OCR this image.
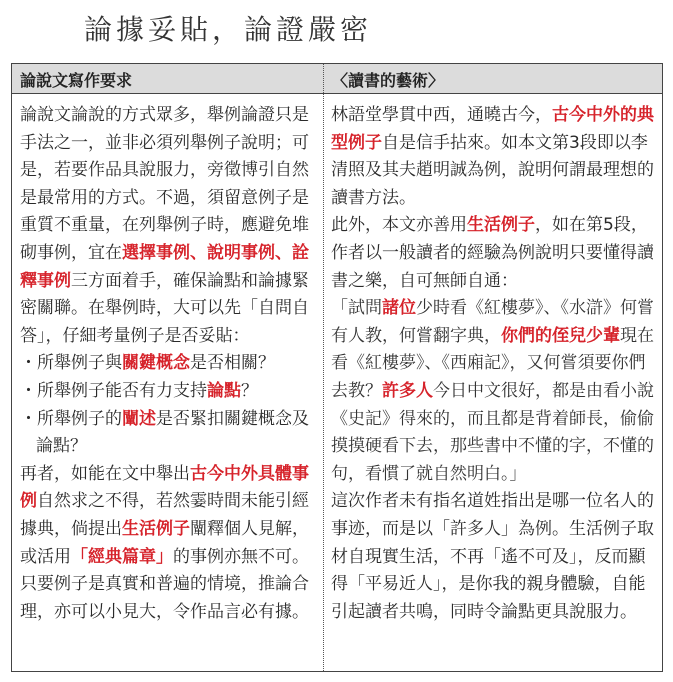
論據妥貼，論證嚴密
論說文寫作要求	〈讀書的藝術〉

論說文論說的方式眾多，舉例論證只是手法之一，並非必須列舉例子說明；可是，若要作品具說服力，旁徵博引自然是最常用的方式。不過，須留意例子是重質不重量，在列舉例子時，應避免堆砌事例，宜在選擇事例、說明事例、詮釋事例三方面着手，確保論點和論據緊密關聯。在舉例時，大可以先「自問自答」，仔細考量例子是否妥貼：

・所舉例子與關鍵概念是否相關？

・所舉例子能否有力支持論點？

・所舉例子的闡述是否緊扣關鍵概念及論點？

再者，如能在文中舉出古今中外具體事例自然求之不得，若然霎時間未能引經據典，倘提出生活例子闡釋個人見解，或活用「經典篇章」的事例亦無不可。只要例子是真實和普遍的情境，推論合理，亦可以小見大，令作品言必有據。

林語堂學貫中西，通曉古今，古今中外的典型例子自是信手拈來。如本文第3段即以李清照及其夫趙明誠為例，說明何謂最理想的讀書方法。

此外，本文亦善用生活例子，如在第5段，作者以一般讀者的經驗為例說明只要懂得讀書之樂，自可無師自通：

「試問諸位少時看《紅樓夢》、《水滸》何嘗有人教，何嘗翻字典，你們的侄兒少輩現在看《紅樓夢》、《西廂記》，又何嘗須要你們去教？許多人今日中文很好，都是由看小說《史記》得來的，而且都是背着師長，偷偷摸摸硬看下去，那些書中不懂的字，不懂的句，看慣了就自然明白。」

這次作者未有指名道姓指出是哪一位名人的事迹，而是以「許多人」為例。生活例子取材自現實生活，不再「遙不可及」，反而顯得「平易近人」，是你我的親身體驗，自能引起讀者共鳴，同時令論點更具說服力。
